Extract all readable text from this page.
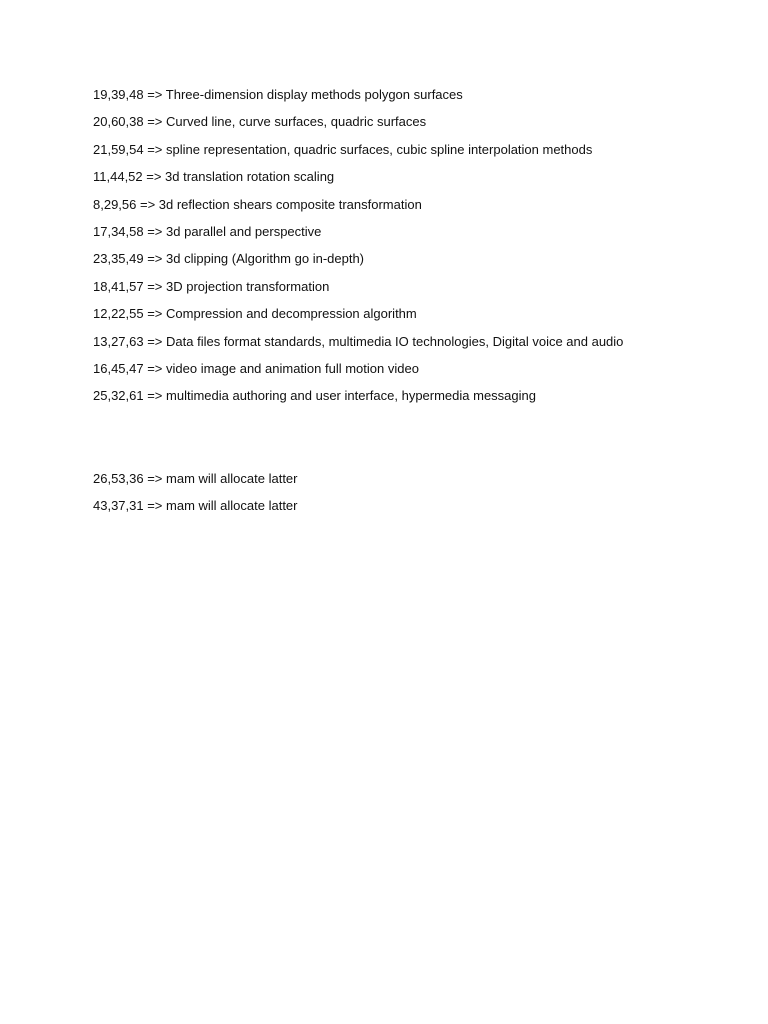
19,39,48 => Three-dimension display methods polygon surfaces
20,60,38 => Curved line, curve surfaces, quadric surfaces
21,59,54 => spline representation, quadric surfaces, cubic spline interpolation methods
11,44,52 => 3d translation rotation scaling
8,29,56 => 3d reflection shears composite transformation
17,34,58 => 3d parallel and perspective
23,35,49 => 3d clipping (Algorithm go in-depth)
18,41,57 => 3D projection transformation
12,22,55 => Compression and decompression algorithm
13,27,63 => Data files format standards, multimedia IO technologies, Digital voice and audio
16,45,47 => video image and animation full motion video
25,32,61 => multimedia authoring and user interface, hypermedia messaging
26,53,36 => mam will allocate latter
43,37,31 => mam will allocate latter
